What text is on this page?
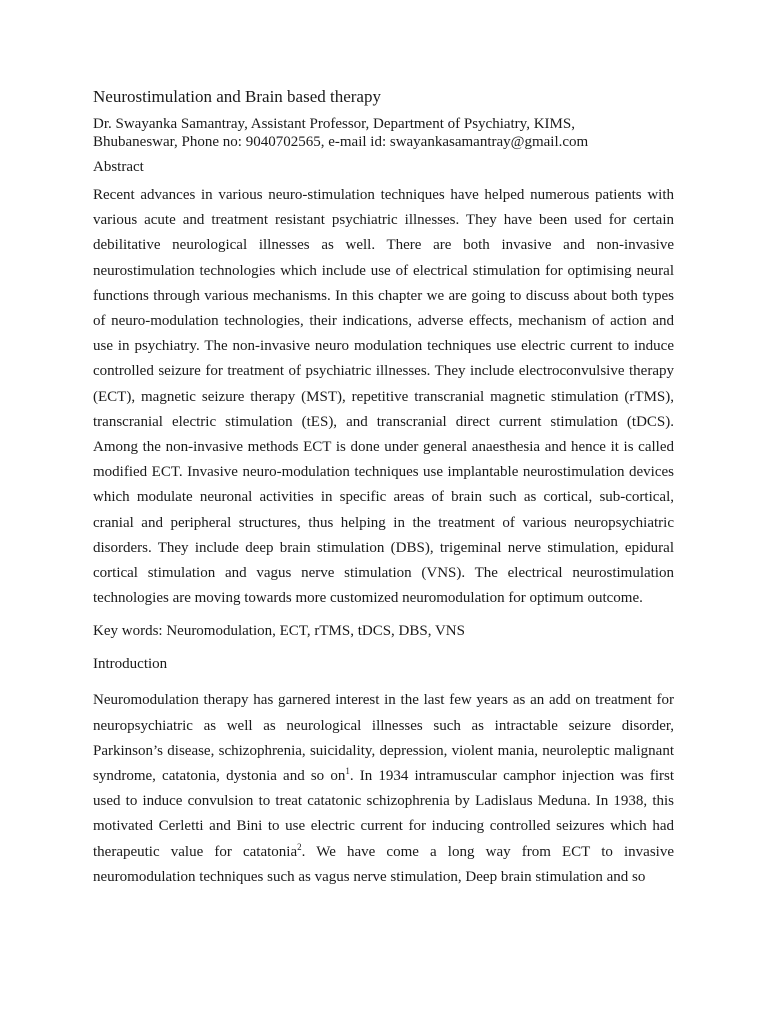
Neurostimulation and Brain based therapy
Dr. Swayanka Samantray, Assistant Professor, Department of Psychiatry, KIMS,
Bhubaneswar, Phone no: 9040702565, e-mail id: swayankasamantray@gmail.com
Abstract

Recent advances in various neuro-stimulation techniques have helped numerous patients with various acute and treatment resistant psychiatric illnesses. They have been used for certain debilitative neurological illnesses as well. There are both invasive and non-invasive neurostimulation technologies which include use of electrical stimulation for optimising neural functions through various mechanisms. In this chapter we are going to discuss about both types of neuro-modulation technologies, their indications, adverse effects, mechanism of action and use in psychiatry. The non-invasive neuro modulation techniques use electric current to induce controlled seizure for treatment of psychiatric illnesses. They include electroconvulsive therapy (ECT), magnetic seizure therapy (MST), repetitive transcranial magnetic stimulation (rTMS), transcranial electric stimulation (tES), and transcranial direct current stimulation (tDCS). Among the non-invasive methods ECT is done under general anaesthesia and hence it is called modified ECT. Invasive neuro-modulation techniques use implantable neurostimulation devices which modulate neuronal activities in specific areas of brain such as cortical, sub-cortical, cranial and peripheral structures, thus helping in the treatment of various neuropsychiatric disorders. They include deep brain stimulation (DBS), trigeminal nerve stimulation, epidural cortical stimulation and vagus nerve stimulation (VNS). The electrical neurostimulation technologies are moving towards more customized neuromodulation for optimum outcome.

Key words: Neuromodulation, ECT, rTMS, tDCS, DBS, VNS
Introduction

Neuromodulation therapy has garnered interest in the last few years as an add on treatment for neuropsychiatric as well as neurological illnesses such as intractable seizure disorder, Parkinson’s disease, schizophrenia, suicidality, depression, violent mania, neuroleptic malignant syndrome, catatonia, dystonia and so $on^1$. In 1934 intramuscular camphor injection was first used to induce convulsion to treat catatonic schizophrenia by Ladislaus Meduna. In 1938, this motivated Cerletti and Bini to use electric current for inducing controlled seizures which had therapeutic value for catatonia$^2$. We have come a long way from ECT to invasive neuromodulation techniques such as vagus nerve stimulation, Deep brain stimulation and so
